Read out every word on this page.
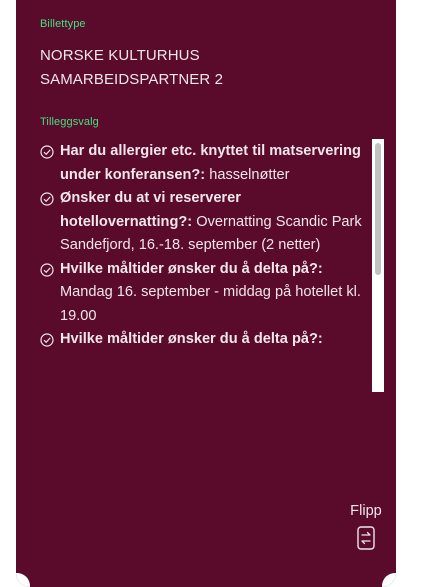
Billettype
NORSKE KULTURHUS
SAMARBEIDSPARTNER 2
Tilleggsvalg
Har du allergier etc. knyttet til matservering under konferansen?: hasselnøtter
Ønsker du at vi reserverer hotellovernatting?: Overnatting Scandic Park Sandefjord, 16.-18. september (2 netter)
Hvilke måltider ønsker du å delta på?: Mandag 16. september - middag på hotellet kl. 19.00
Hvilke måltider ønsker du å delta på?:
Flipp
